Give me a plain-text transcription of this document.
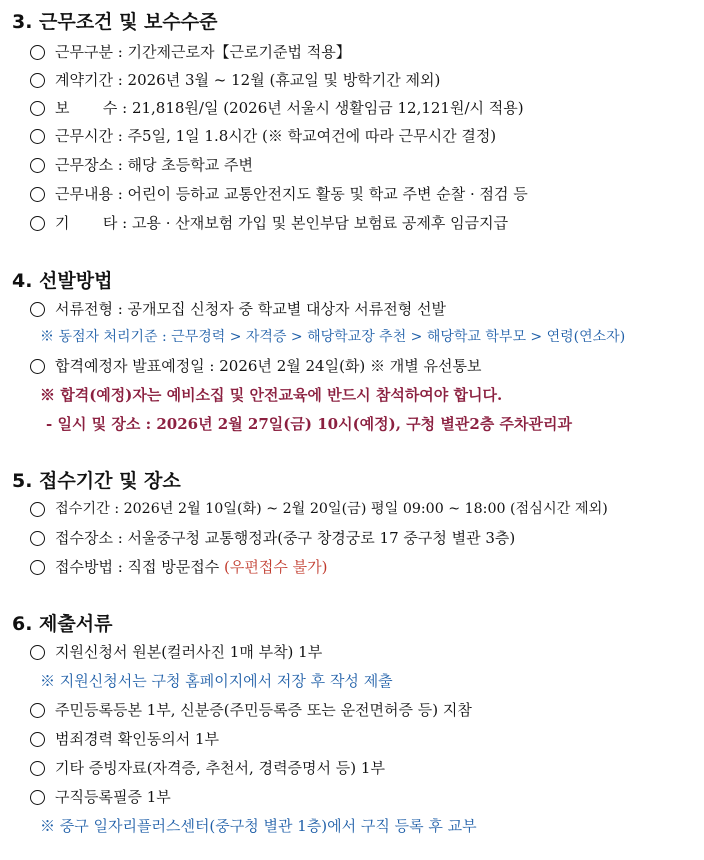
3. 근무조건 및 보수수준
근무구분 : 기간제근로자【근로기준법 적용】
계약기간 : 2026년 3월 ~ 12월 (휴교일 및 방학기간 제외)
보       수 : 21,818원/일 (2026년 서울시 생활임금 12,121원/시 적용)
근무시간 : 주5일, 1일 1.8시간 (※ 학교여건에 따라 근무시간 결정)
근무장소 : 해당 초등학교 주변
근무내용 : 어린이 등하교 교통안전지도 활동 및 학교 주변 순찰 · 점검 등
기       타 : 고용 · 산재보험 가입 및 본인부담 보험료 공제후 임금지급
4. 선발방법
서류전형 : 공개모집 신청자 중 학교별 대상자 서류전형 선발
※ 동점자 처리기준 : 근무경력 > 자격증 > 해당학교장 추천 > 해당학교 학부모 > 연령(연소자)
합격예정자 발표예정일 : 2026년 2월 24일(화) ※ 개별 유선통보
※ 합격(예정)자는 예비소집 및 안전교육에 반드시 참석하여야 합니다.
- 일시 및 장소 : 2026년 2월 27일(금) 10시(예정), 구청 별관2층 주차관리과
5. 접수기간 및 장소
접수기간 : 2026년 2월 10일(화) ~ 2월 20일(금) 평일 09:00 ~ 18:00 (점심시간 제외)
접수장소 : 서울중구청 교통행정과(중구 창경궁로 17 중구청 별관 3층)
접수방법 : 직접 방문접수 (우편접수 불가)
6. 제출서류
지원신청서 원본(컬러사진 1매 부착) 1부
※ 지원신청서는 구청 홈페이지에서 저장 후 작성 제출
주민등록등본 1부, 신분증(주민등록증 또는 운전면허증 등) 지참
범죄경력 확인동의서 1부
기타 증빙자료(자격증, 추천서, 경력증명서 등) 1부
구직등록필증 1부
※ 중구 일자리플러스센터(중구청 별관 1층)에서 구직 등록 후 교부
